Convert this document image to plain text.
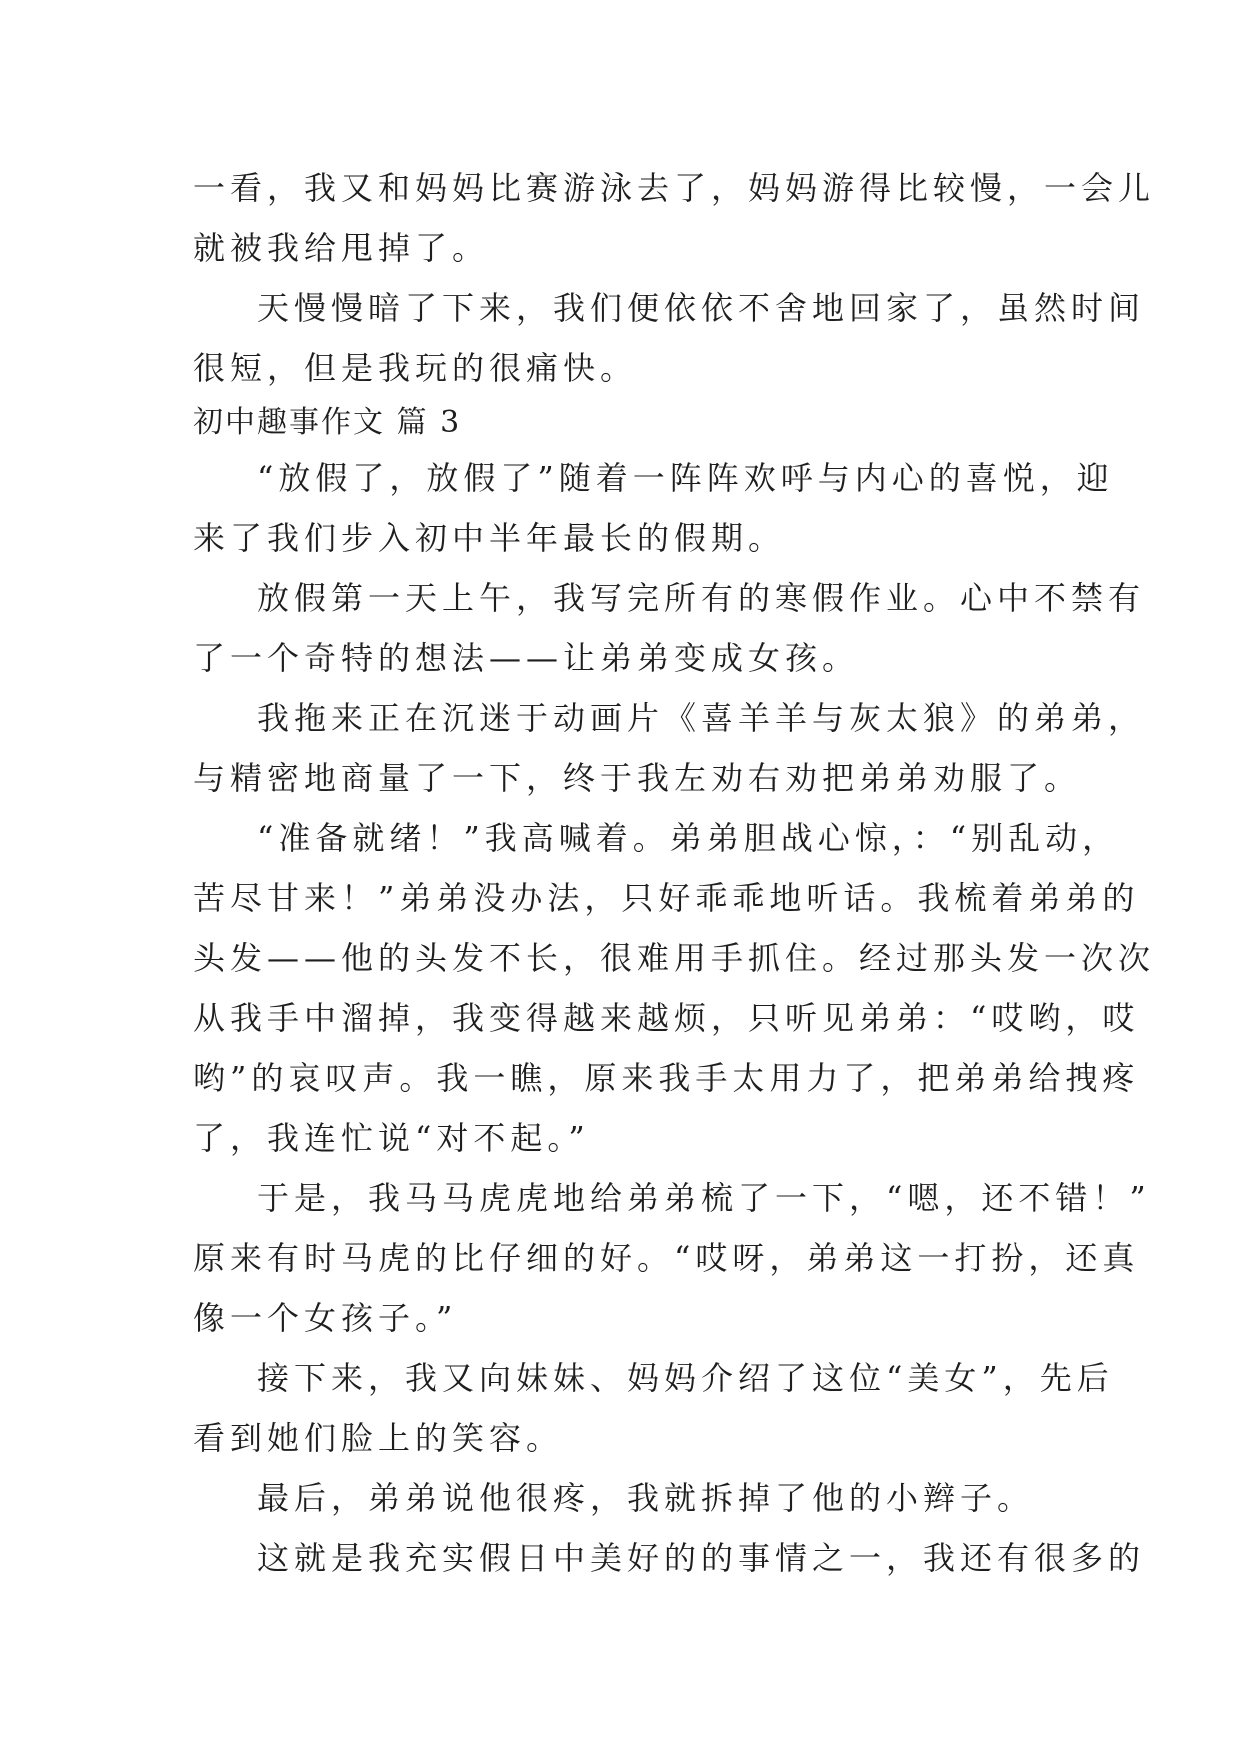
一看，我又和妈妈比赛游泳去了，妈妈游得比较慢，一会儿
就被我给甩掉了。
天慢慢暗了下来，我们便依依不舍地回家了，虽然时间
很短，但是我玩的很痛快。
初中趣事作文 篇 3
“放假了，放假了”随着一阵阵欢呼与内心的喜悦，迎
来了我们步入初中半年最长的假期。
放假第一天上午，我写完所有的寒假作业。心中不禁有
了一个奇特的想法——让弟弟变成女孩。
我拖来正在沉迷于动画片《喜羊羊与灰太狼》的弟弟，
与精密地商量了一下，终于我左劝右劝把弟弟劝服了。
“准备就绪！”我高喊着。弟弟胆战心惊，：“别乱动，
苦尽甘来！”弟弟没办法，只好乖乖地听话。我梳着弟弟的
头发——他的头发不长，很难用手抓住。经过那头发一次次
从我手中溜掉，我变得越来越烦，只听见弟弟：“哎哟，哎
哟”的哀叹声。我一瞧，原来我手太用力了，把弟弟给拽疼
了，我连忙说“对不起。”
于是，我马马虎虎地给弟弟梳了一下，“嗯，还不错！”
原来有时马虎的比仔细的好。“哎呀，弟弟这一打扮，还真
像一个女孩子。”
接下来，我又向妹妹、妈妈介绍了这位“美女”，先后
看到她们脸上的笑容。
最后，弟弟说他很疼，我就拆掉了他的小辫子。
这就是我充实假日中美好的的事情之一，我还有很多的
